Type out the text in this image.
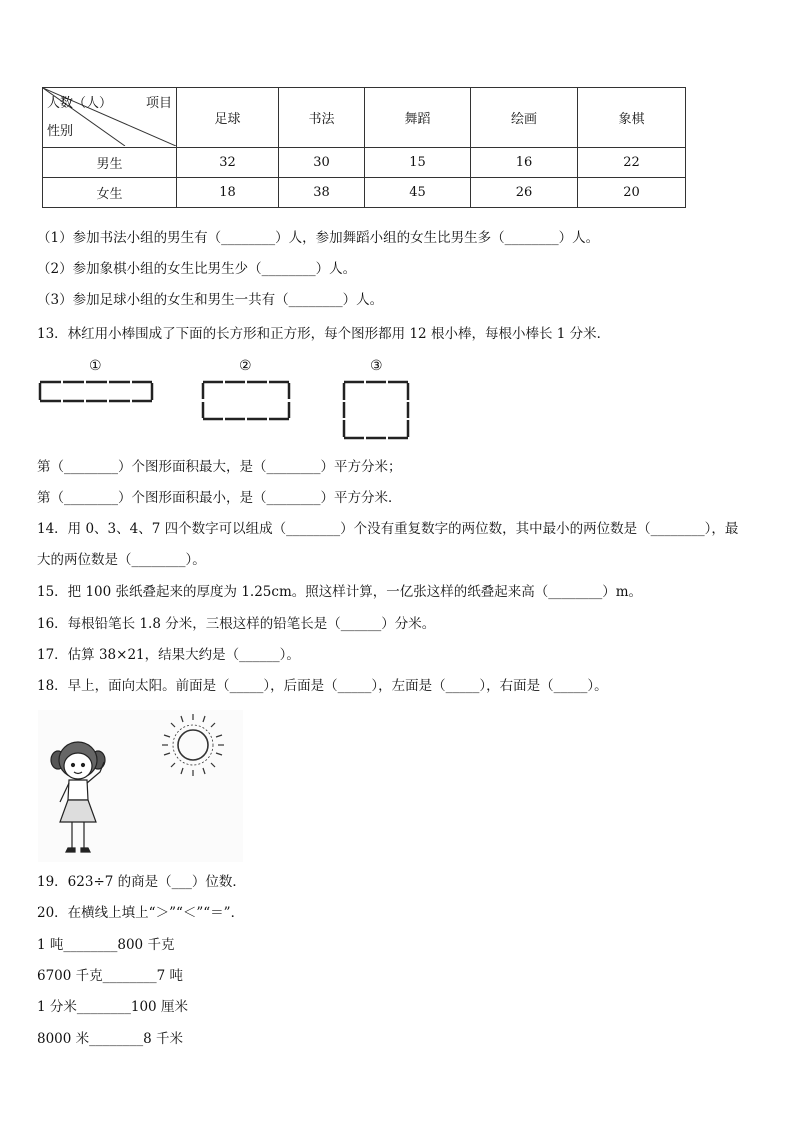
人数（人） 项目
性别	足球	书法	舞蹈	绘画	象棋
男生	32	30	15	16	22
女生	18	38	45	26	20
（1）参加书法小组的男生有（________）人，参加舞蹈小组的女生比男生多（________）人。
（2）参加象棋小组的女生比男生少（________）人。
（3）参加足球小组的女生和男生一共有（________）人。
13．林红用小棒围成了下面的长方形和正方形，每个图形都用 12 根小棒，每根小棒长 1 分米．
①	②	③
第（________）个图形面积最大，是（________）平方分米；
第（________）个图形面积最小，是（________）平方分米．
14．用 0、3、4、7 四个数字可以组成（________）个没有重复数字的两位数，其中最小的两位数是（________），最
大的两位数是（________）。
15．把 100 张纸叠起来的厚度为 1.25cm。照这样计算，一亿张这样的纸叠起来高（________）m。
16．每根铅笔长 1.8 分米，三根这样的铅笔长是（______）分米。
17．估算 38×21，结果大约是（______）。
18．早上，面向太阳。前面是（_____），后面是（_____），左面是（_____），右面是（_____）。
19．623÷7 的商是（___）位数．
20．在横线上填上“＞”“＜”“＝”．
1 吨________800 千克
6700 千克________7 吨
1 分米________100 厘米
8000 米________8 千米
